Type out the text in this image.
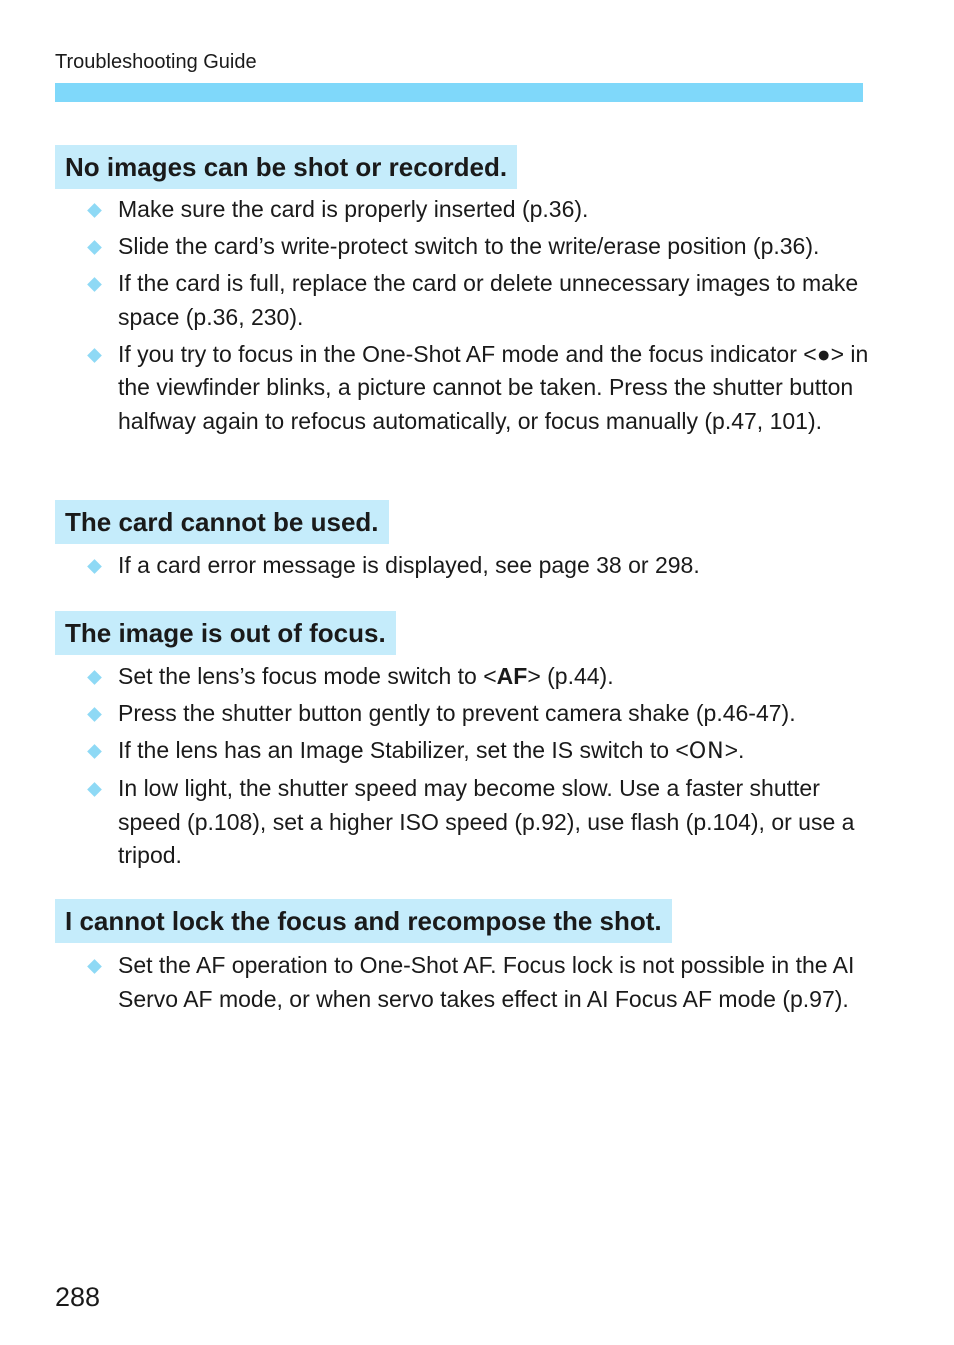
Troubleshooting Guide
No images can be shot or recorded.
Make sure the card is properly inserted (p.36).
Slide the card’s write-protect switch to the write/erase position (p.36).
If the card is full, replace the card or delete unnecessary images to make space (p.36, 230).
If you try to focus in the One-Shot AF mode and the focus indicator <●> in the viewfinder blinks, a picture cannot be taken. Press the shutter button halfway again to refocus automatically, or focus manually (p.47, 101).
The card cannot be used.
If a card error message is displayed, see page 38 or 298.
The image is out of focus.
Set the lens’s focus mode switch to <AF> (p.44).
Press the shutter button gently to prevent camera shake (p.46-47).
If the lens has an Image Stabilizer, set the IS switch to <ON>.
In low light, the shutter speed may become slow. Use a faster shutter speed (p.108), set a higher ISO speed (p.92), use flash (p.104), or use a tripod.
I cannot lock the focus and recompose the shot.
Set the AF operation to One-Shot AF. Focus lock is not possible in the AI Servo AF mode, or when servo takes effect in AI Focus AF mode (p.97).
288
